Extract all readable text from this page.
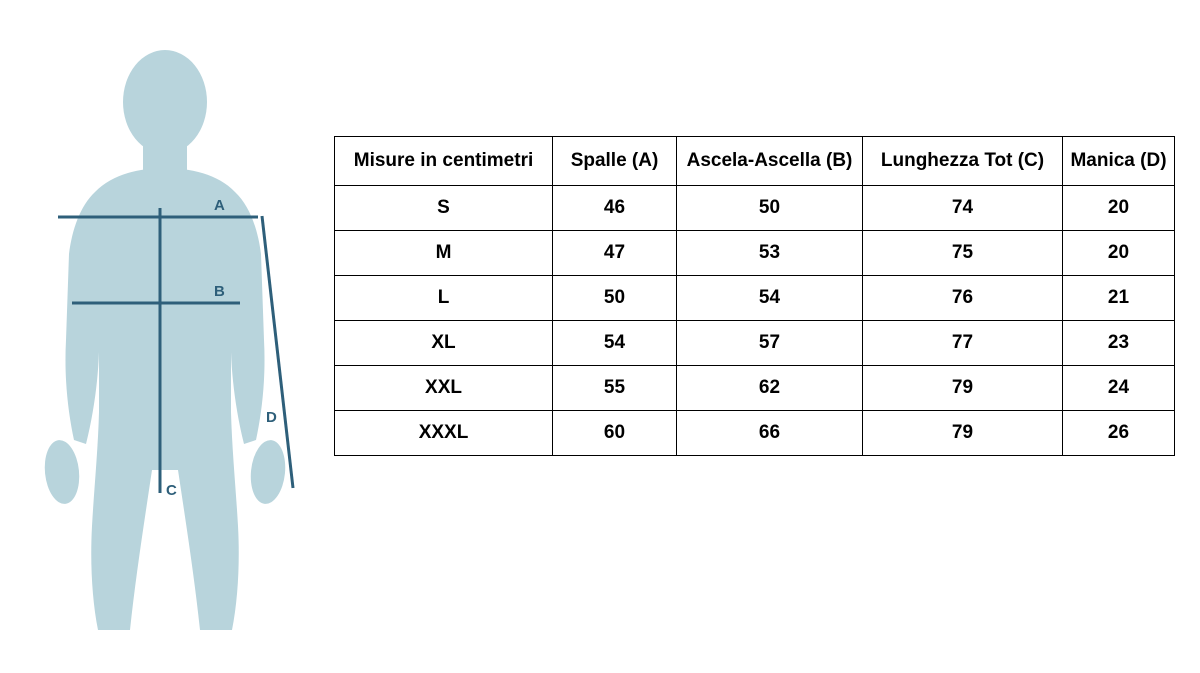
A
B
C
D
Misure in centimetri	Spalle (A)	Ascela-Ascella (B)	Lunghezza Tot (C)	Manica (D)
S	46	50	74	20
M	47	53	75	20
L	50	54	76	21
XL	54	57	77	23
XXL	55	62	79	24
XXXL	60	66	79	26
